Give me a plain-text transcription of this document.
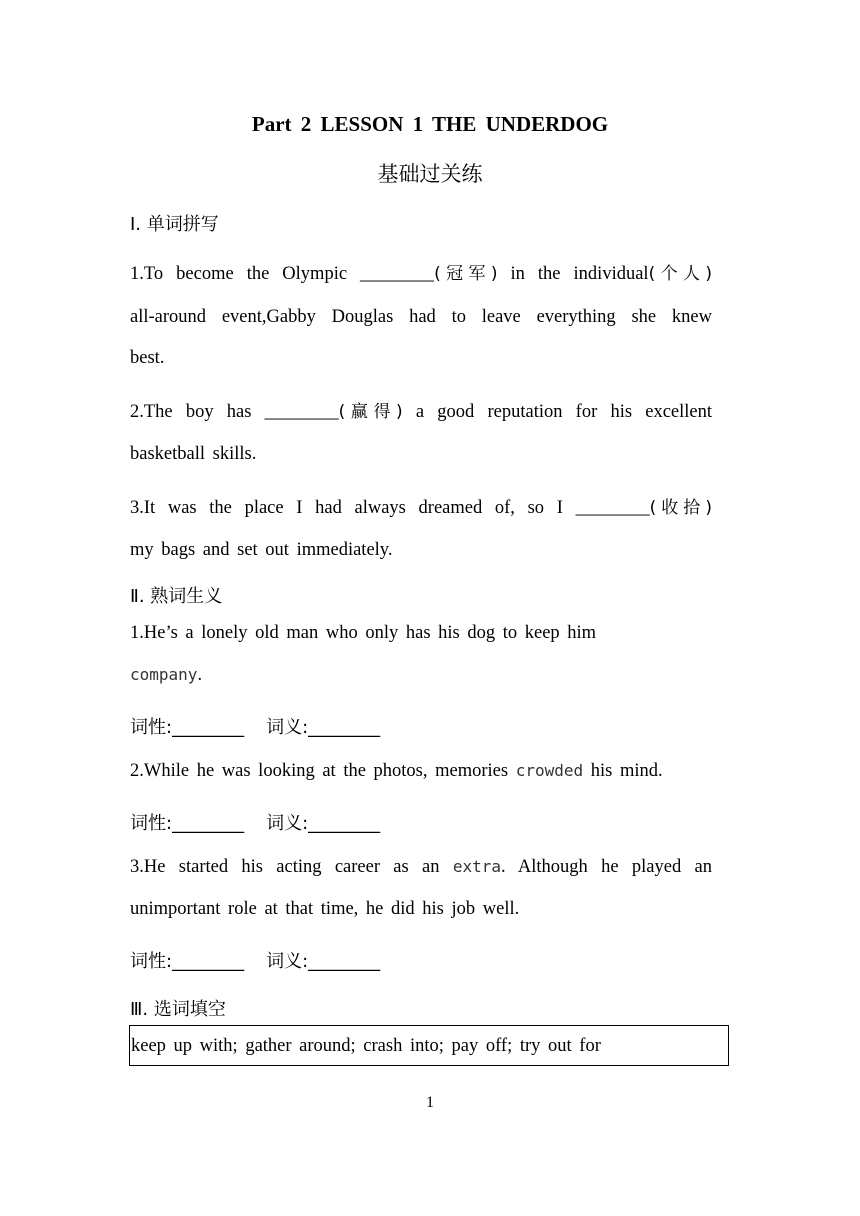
Part 2 LESSON 1 THE UNDERDOG
基础过关练
Ⅰ. 单词拼写
1.To become the Olympic ________(冠军) in the individual(个人)
all-around event,Gabby Douglas had to leave everything she knew
best.
2.The boy has ________(赢得) a good reputation for his excellent
basketball skills.
3.It was the place I had always dreamed of, so I ________(收拾)
my bags and set out immediately.
Ⅱ. 熟词生义
1.He’s a lonely old man who only has his dog to keep him
company.
词性:________ 词义:________
2.While he was looking at the photos, memories crowded his mind.
词性:________ 词义:________
3.He started his acting career as an extra. Although he played an
unimportant role at that time, he did his job well.
词性:________ 词义:________
Ⅲ. 选词填空
keep up with; gather around; crash into; pay off; try out for
1
